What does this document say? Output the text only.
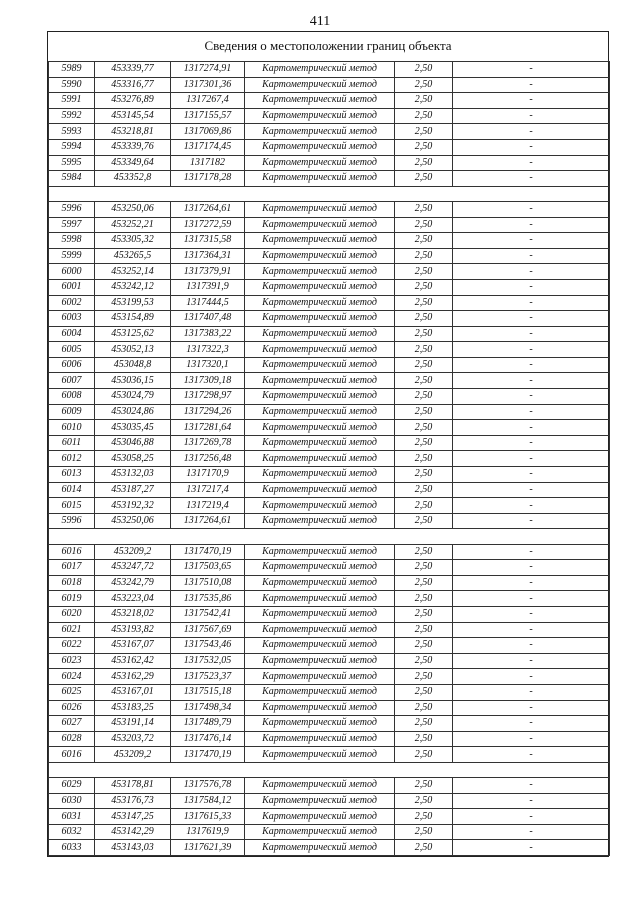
411
Сведения о местоположении границ объекта
5989	453339,77	1317274,91	Картометрический метод	2,50	-
5990	453316,77	1317301,36	Картометрический метод	2,50	-
5991	453276,89	1317267,4	Картометрический метод	2,50	-
5992	453145,54	1317155,57	Картометрический метод	2,50	-
5993	453218,81	1317069,86	Картометрический метод	2,50	-
5994	453339,76	1317174,45	Картометрический метод	2,50	-
5995	453349,64	1317182	Картометрический метод	2,50	-
5984	453352,8	1317178,28	Картометрический метод	2,50	-

5996	453250,06	1317264,61	Картометрический метод	2,50	-
5997	453252,21	1317272,59	Картометрический метод	2,50	-
5998	453305,32	1317315,58	Картометрический метод	2,50	-
5999	453265,5	1317364,31	Картометрический метод	2,50	-
6000	453252,14	1317379,91	Картометрический метод	2,50	-
6001	453242,12	1317391,9	Картометрический метод	2,50	-
6002	453199,53	1317444,5	Картометрический метод	2,50	-
6003	453154,89	1317407,48	Картометрический метод	2,50	-
6004	453125,62	1317383,22	Картометрический метод	2,50	-
6005	453052,13	1317322,3	Картометрический метод	2,50	-
6006	453048,8	1317320,1	Картометрический метод	2,50	-
6007	453036,15	1317309,18	Картометрический метод	2,50	-
6008	453024,79	1317298,97	Картометрический метод	2,50	-
6009	453024,86	1317294,26	Картометрический метод	2,50	-
6010	453035,45	1317281,64	Картометрический метод	2,50	-
6011	453046,88	1317269,78	Картометрический метод	2,50	-
6012	453058,25	1317256,48	Картометрический метод	2,50	-
6013	453132,03	1317170,9	Картометрический метод	2,50	-
6014	453187,27	1317217,4	Картометрический метод	2,50	-
6015	453192,32	1317219,4	Картометрический метод	2,50	-
5996	453250,06	1317264,61	Картометрический метод	2,50	-

6016	453209,2	1317470,19	Картометрический метод	2,50	-
6017	453247,72	1317503,65	Картометрический метод	2,50	-
6018	453242,79	1317510,08	Картометрический метод	2,50	-
6019	453223,04	1317535,86	Картометрический метод	2,50	-
6020	453218,02	1317542,41	Картометрический метод	2,50	-
6021	453193,82	1317567,69	Картометрический метод	2,50	-
6022	453167,07	1317543,46	Картометрический метод	2,50	-
6023	453162,42	1317532,05	Картометрический метод	2,50	-
6024	453162,29	1317523,37	Картометрический метод	2,50	-
6025	453167,01	1317515,18	Картометрический метод	2,50	-
6026	453183,25	1317498,34	Картометрический метод	2,50	-
6027	453191,14	1317489,79	Картометрический метод	2,50	-
6028	453203,72	1317476,14	Картометрический метод	2,50	-
6016	453209,2	1317470,19	Картометрический метод	2,50	-

6029	453178,81	1317576,78	Картометрический метод	2,50	-
6030	453176,73	1317584,12	Картометрический метод	2,50	-
6031	453147,25	1317615,33	Картометрический метод	2,50	-
6032	453142,29	1317619,9	Картометрический метод	2,50	-
6033	453143,03	1317621,39	Картометрический метод	2,50	-
